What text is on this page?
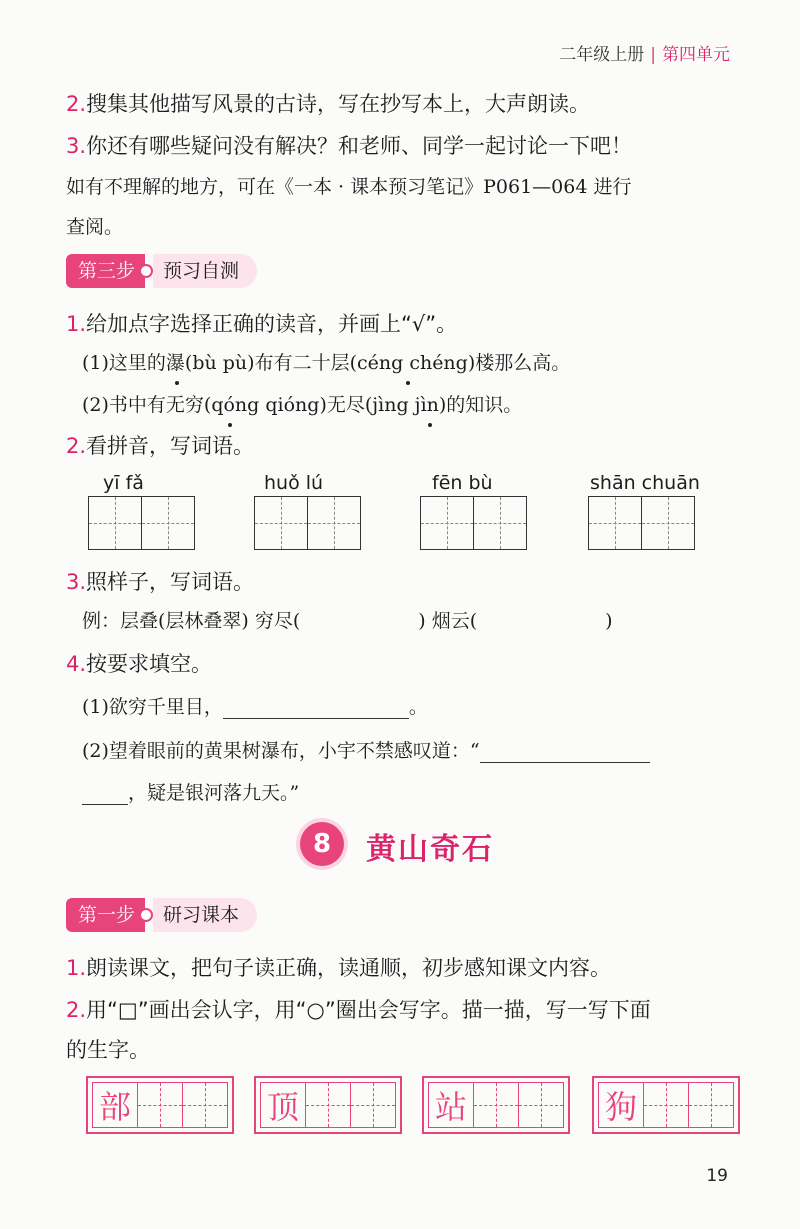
二年级上册 | 第四单元
2.搜集其他描写风景的古诗，写在抄写本上，大声朗读。
3.你还有哪些疑问没有解决？和老师、同学一起讨论一下吧！
如有不理解的地方，可在《一本 · 课本预习笔记》P061—064 进行
查阅。
第三步	预习自测
1.给加点字选择正确的读音，并画上“√”。
(1)这里的瀑(bù pù)布有二十层(céng chéng)楼那么高。
(2)书中有无穷(qóng qióng)无尽(jìng jìn)的知识。
2.看拼音，写词语。
yī fǎ	huǒ lú	fēn bù	shān chuān
3.照样子，写词语。
例：层叠(层林叠翠) 穷尽(	) 烟云(	)
4.按要求填空。
(1)欲穷千里目，	。
(2)望着眼前的黄果树瀑布，小宇不禁感叹道：“
，疑是银河落九天。”
8	黄山奇石
第一步	研习课本
1.朗读课文，把句子读正确，读通顺，初步感知课文内容。
2.用“□”画出会认字，用“○”圈出会写字。描一描，写一写下面
的生字。
部	顶	站	狗
19
